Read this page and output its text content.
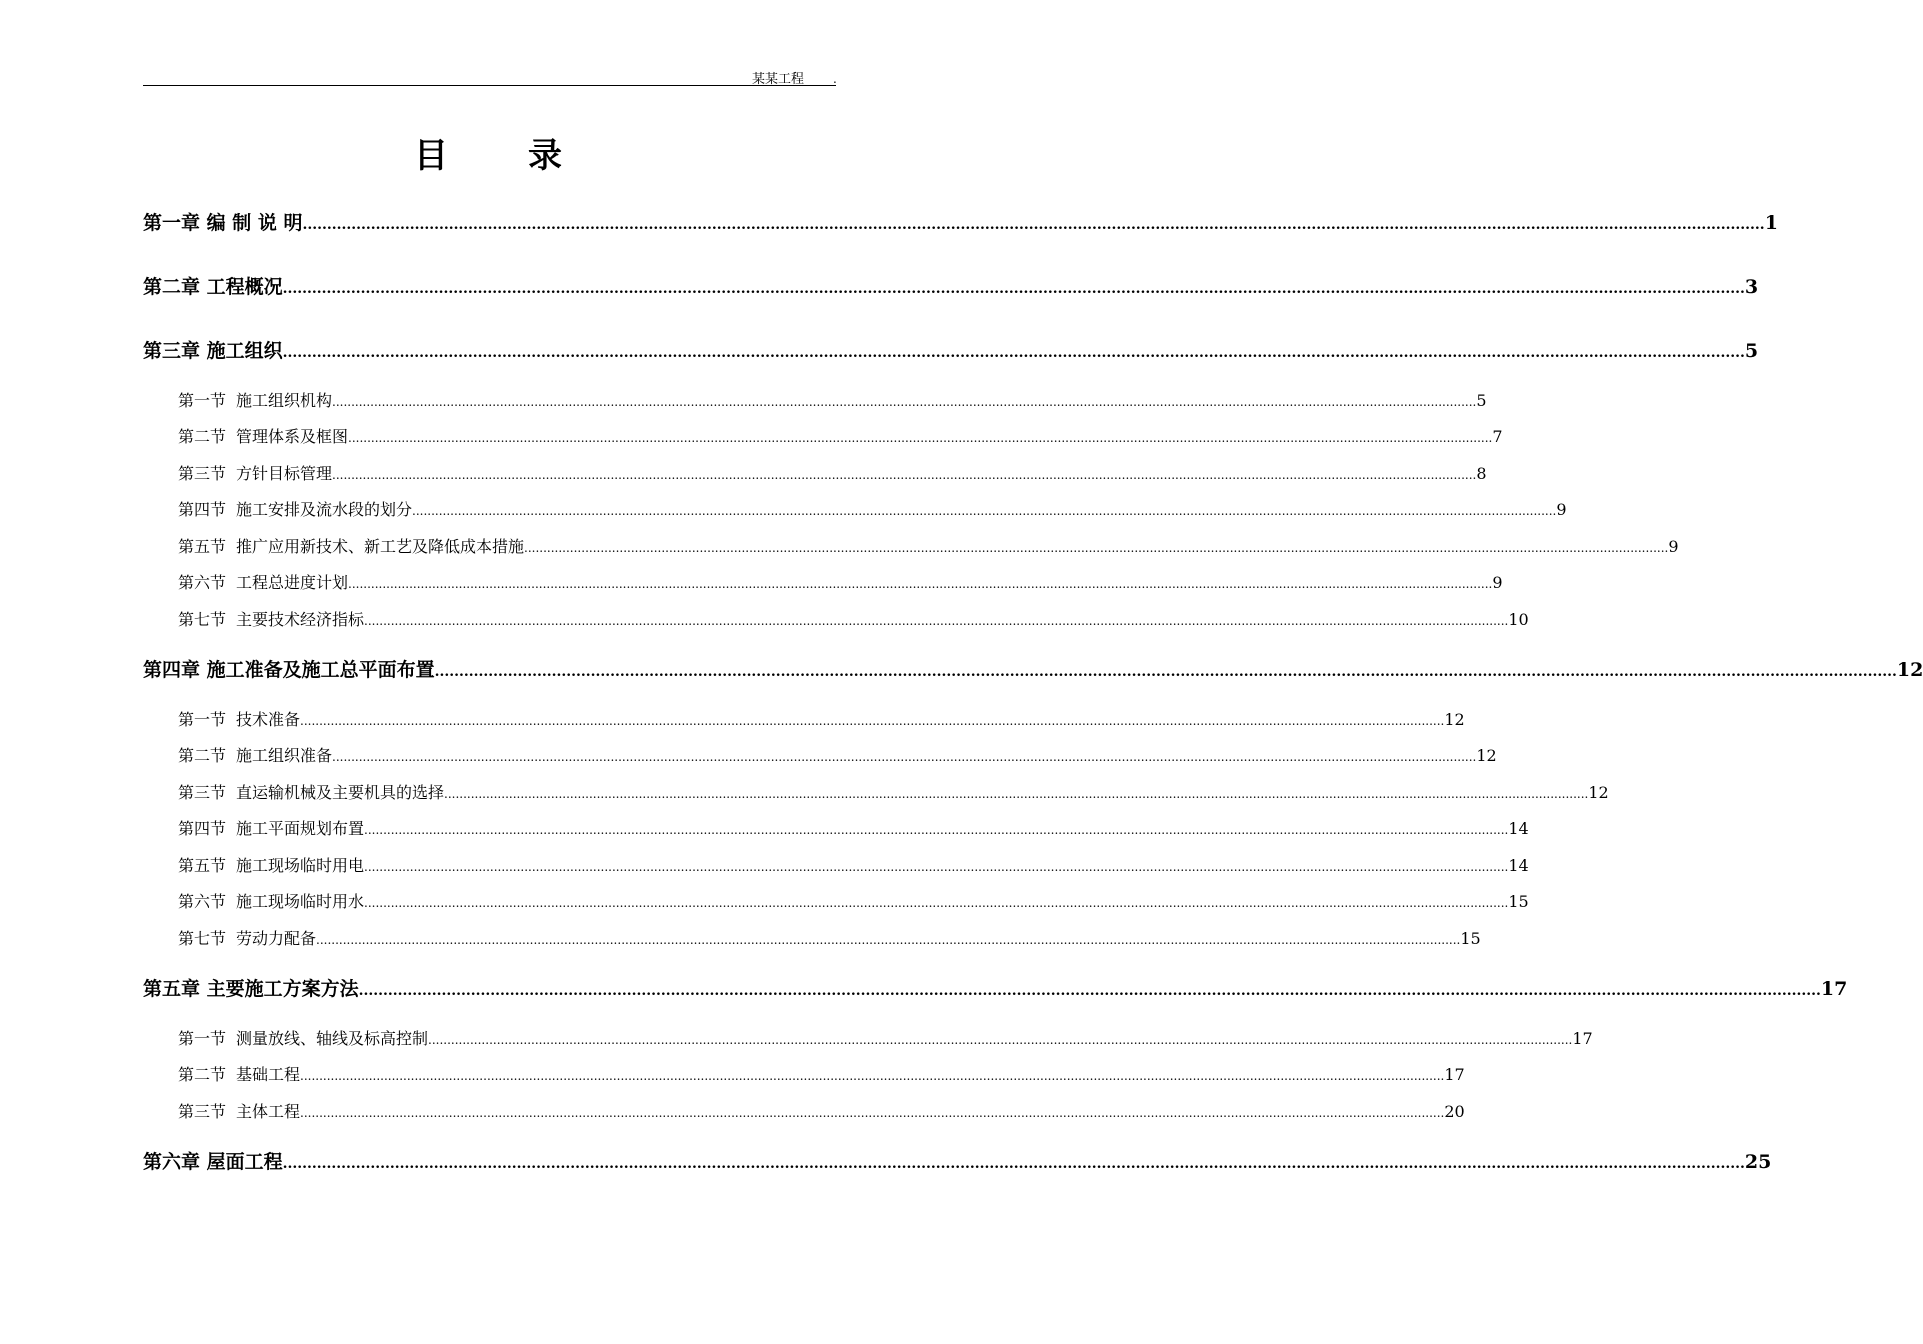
某某工程 .
目 录
第一章 编 制 说 明 ............................................................................................................................................................................................................................................................................................................ 1
第二章 工程概况 ............................................................................................................................................................................................................................................................................................................ 3
第三章 施工组织 ............................................................................................................................................................................................................................................................................................................ 5
第一节 施工组织机构 ............................................................................................................................................................................................................................................................................................................ 5
第二节 管理体系及框图 ............................................................................................................................................................................................................................................................................................................ 7
第三节 方针目标管理 ............................................................................................................................................................................................................................................................................................................ 8
第四节 施工安排及流水段的划分 ............................................................................................................................................................................................................................................................................................................ 9
第五节 推广应用新技术、新工艺及降低成本措施 ............................................................................................................................................................................................................................................................................................................ 9
第六节 工程总进度计划 ............................................................................................................................................................................................................................................................................................................ 9
第七节 主要技术经济指标 ............................................................................................................................................................................................................................................................................................................ 10
第四章 施工准备及施工总平面布置 ............................................................................................................................................................................................................................................................................................................ 12
第一节 技术准备 ............................................................................................................................................................................................................................................................................................................ 12
第二节 施工组织准备 ............................................................................................................................................................................................................................................................................................................ 12
第三节 直运输机械及主要机具的选择 ............................................................................................................................................................................................................................................................................................................ 12
第四节 施工平面规划布置 ............................................................................................................................................................................................................................................................................................................ 14
第五节 施工现场临时用电 ............................................................................................................................................................................................................................................................................................................ 14
第六节 施工现场临时用水 ............................................................................................................................................................................................................................................................................................................ 15
第七节 劳动力配备 ............................................................................................................................................................................................................................................................................................................ 15
第五章 主要施工方案方法 ............................................................................................................................................................................................................................................................................................................ 17
第一节 测量放线、轴线及标高控制 ............................................................................................................................................................................................................................................................................................................ 17
第二节 基础工程 ............................................................................................................................................................................................................................................................................................................ 17
第三节 主体工程 ............................................................................................................................................................................................................................................................................................................ 20
第六章 屋面工程 ............................................................................................................................................................................................................................................................................................................ 25
